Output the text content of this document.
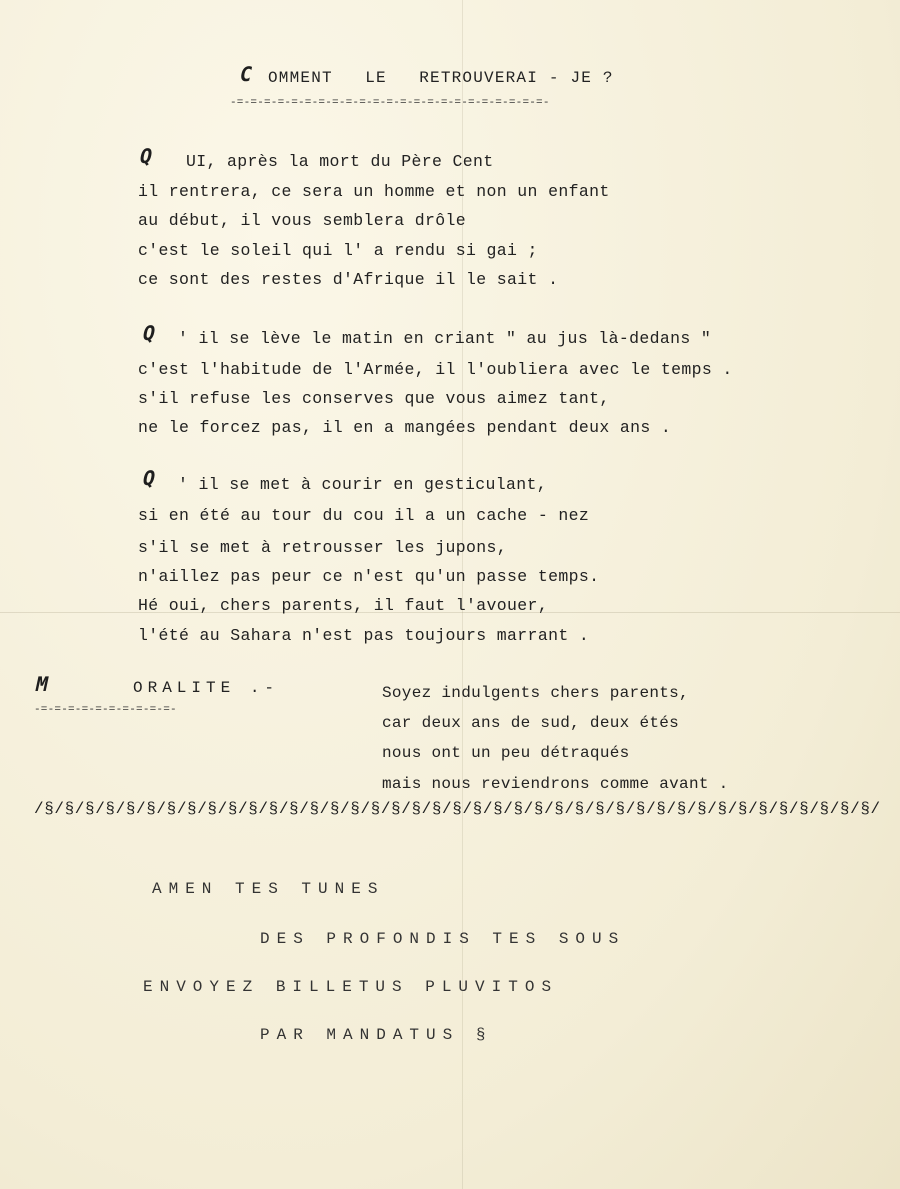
C OMMENT   LE   RETROUVERAI - JE ?
-=-=-=-=-=-=-=-=-=-=-=-=-=-=-=-=-=-=-=-=-=-=-=-
Q UI, après la mort du Père Cent
il rentrera, ce sera un homme et non un enfant
au début, il vous semblera drôle
c'est le soleil qui l' a rendu si gai ;
ce sont des restes d'Afrique il le sait .
Q ' il se lève le matin en criant " au jus là-dedans "
c'est l'habitude de l'Armée, il l'oubliera avec le temps .
s'il refuse les conserves que vous aimez tant,
ne le forcez pas, il en a mangées pendant deux ans .
Q ' il se met à courir en gesticulant,
si en été au tour du cou il a un cache - nez
s'il se met à retrousser les jupons,
n'aillez pas peur ce n'est qu'un passe temps.
Hé oui, chers parents, il faut l'avouer,
l'été au Sahara n'est pas toujours marrant .
M	ORALITE .-
-=-=-=-=-=-=-=-=-=-=-
Soyez indulgents chers parents,
car deux ans de sud, deux étés
nous ont un peu détraqués
mais nous reviendrons comme avant .
/§/§/§/§/§/§/§/§/§/§/§/§/§/§/§/§/§/§/§/§/§/§/§/§/§/§/§/§/§/§/§/§/§/§/§/§/§/§/§/§/§/
AMEN TES TUNES
DES PROFONDIS TES SOUS
ENVOYEZ BILLETUS PLUVITOS
PAR MANDATUS §
